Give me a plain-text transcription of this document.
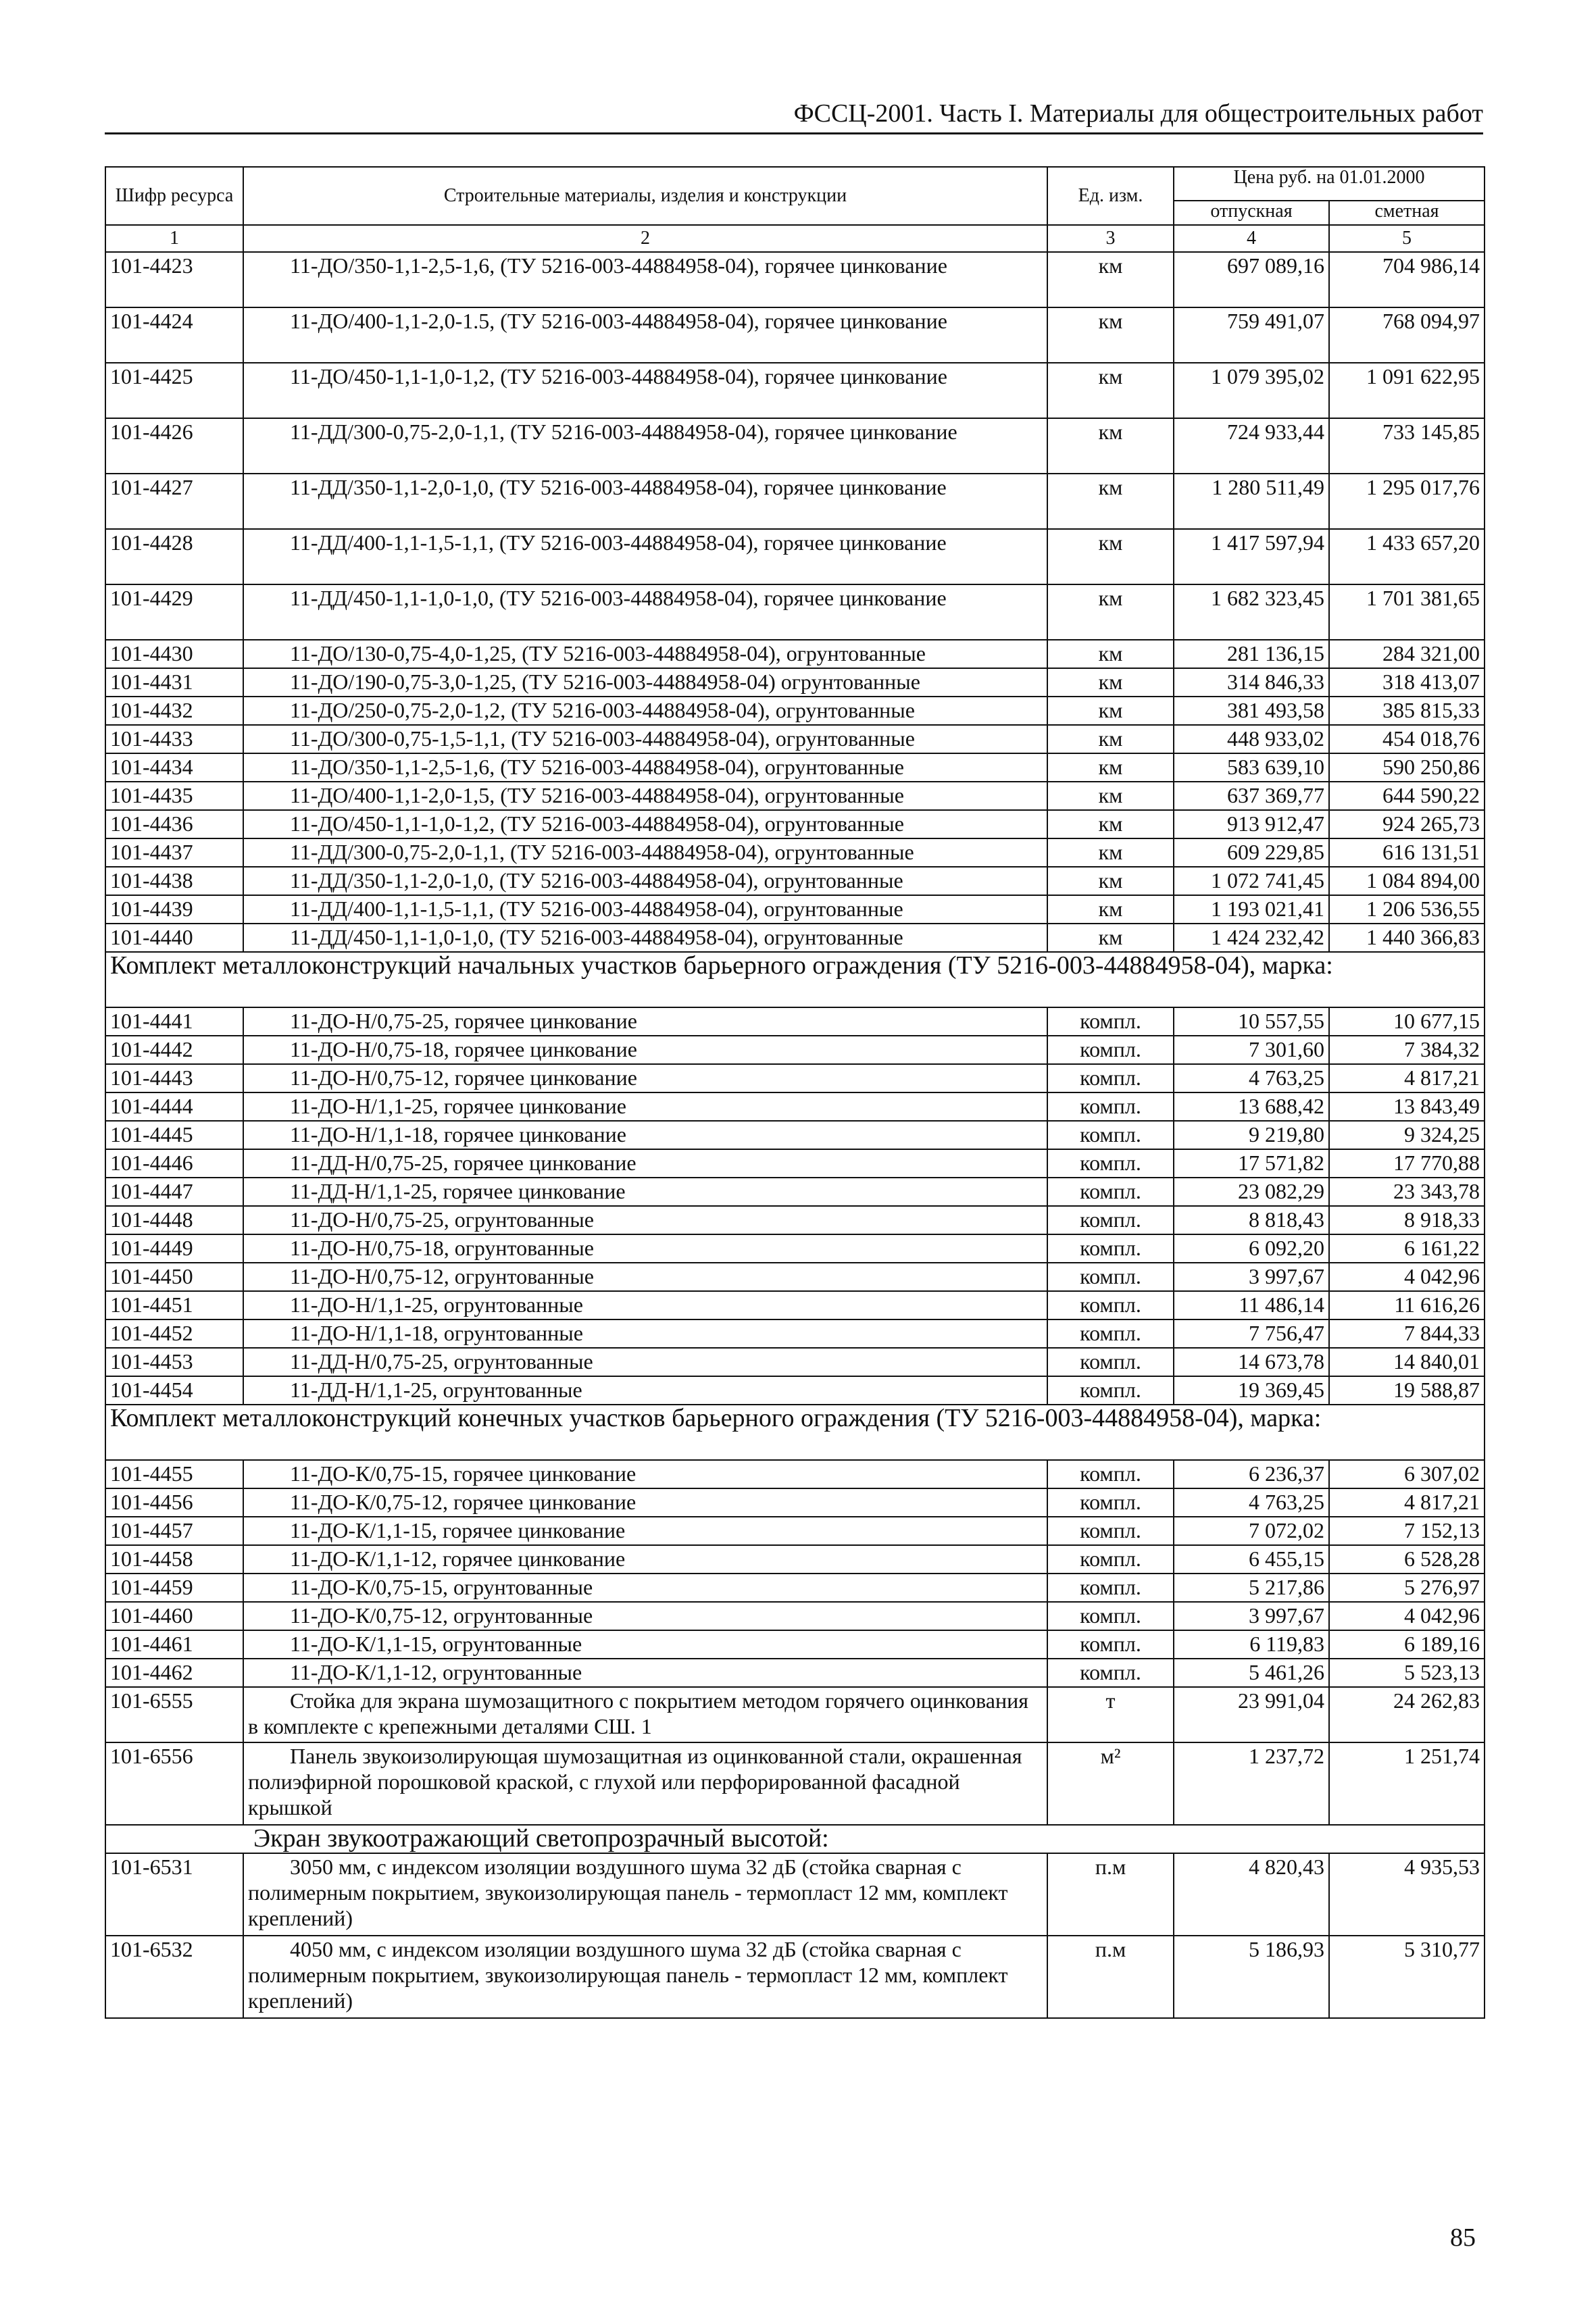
ФССЦ-2001. Часть I. Материалы для общестроительных работ
Шифр ресурса	Строительные материалы, изделия и конструкции	Ед. изм.	Цена руб. на 01.01.2000	
			отпускная	сметная
1	2	3	4	5
101-4423	11-ДО/350-1,1-2,5-1,6, (ТУ 5216-003-44884958-04), горячее цинкование	км	697 089,16	704 986,14
101-4424	11-ДО/400-1,1-2,0-1.5, (ТУ 5216-003-44884958-04), горячее цинкование	км	759 491,07	768 094,97
101-4425	11-ДО/450-1,1-1,0-1,2, (ТУ 5216-003-44884958-04), горячее цинкование	км	1 079 395,02	1 091 622,95
101-4426	11-ДД/300-0,75-2,0-1,1, (ТУ 5216-003-44884958-04), горячее цинкование	км	724 933,44	733 145,85
101-4427	11-ДД/350-1,1-2,0-1,0, (ТУ 5216-003-44884958-04), горячее цинкование	км	1 280 511,49	1 295 017,76
101-4428	11-ДД/400-1,1-1,5-1,1, (ТУ 5216-003-44884958-04), горячее цинкование	км	1 417 597,94	1 433 657,20
101-4429	11-ДД/450-1,1-1,0-1,0, (ТУ 5216-003-44884958-04), горячее цинкование	км	1 682 323,45	1 701 381,65
101-4430	11-ДО/130-0,75-4,0-1,25, (ТУ 5216-003-44884958-04), огрунтованные	км	281 136,15	284 321,00
101-4431	11-ДО/190-0,75-3,0-1,25, (ТУ 5216-003-44884958-04) огрунтованные	км	314 846,33	318 413,07
101-4432	11-ДО/250-0,75-2,0-1,2, (ТУ 5216-003-44884958-04), огрунтованные	км	381 493,58	385 815,33
101-4433	11-ДО/300-0,75-1,5-1,1, (ТУ 5216-003-44884958-04), огрунтованные	км	448 933,02	454 018,76
101-4434	11-ДО/350-1,1-2,5-1,6, (ТУ 5216-003-44884958-04), огрунтованные	км	583 639,10	590 250,86
101-4435	11-ДО/400-1,1-2,0-1,5, (ТУ 5216-003-44884958-04), огрунтованные	км	637 369,77	644 590,22
101-4436	11-ДО/450-1,1-1,0-1,2, (ТУ 5216-003-44884958-04), огрунтованные	км	913 912,47	924 265,73
101-4437	11-ДД/300-0,75-2,0-1,1, (ТУ 5216-003-44884958-04), огрунтованные	км	609 229,85	616 131,51
101-4438	11-ДД/350-1,1-2,0-1,0, (ТУ 5216-003-44884958-04), огрунтованные	км	1 072 741,45	1 084 894,00
101-4439	11-ДД/400-1,1-1,5-1,1, (ТУ 5216-003-44884958-04), огрунтованные	км	1 193 021,41	1 206 536,55
101-4440	11-ДД/450-1,1-1,0-1,0, (ТУ 5216-003-44884958-04), огрунтованные	км	1 424 232,42	1 440 366,83
Комплект металлоконструкций начальных участков барьерного ограждения (ТУ 5216-003-44884958-04), марка:				
101-4441	11-ДО-Н/0,75-25, горячее цинкование	компл.	10 557,55	10 677,15
101-4442	11-ДО-Н/0,75-18, горячее цинкование	компл.	7 301,60	7 384,32
101-4443	11-ДО-Н/0,75-12, горячее цинкование	компл.	4 763,25	4 817,21
101-4444	11-ДО-Н/1,1-25, горячее цинкование	компл.	13 688,42	13 843,49
101-4445	11-ДО-Н/1,1-18, горячее цинкование	компл.	9 219,80	9 324,25
101-4446	11-ДД-Н/0,75-25, горячее цинкование	компл.	17 571,82	17 770,88
101-4447	11-ДД-Н/1,1-25, горячее цинкование	компл.	23 082,29	23 343,78
101-4448	11-ДО-Н/0,75-25, огрунтованные	компл.	8 818,43	8 918,33
101-4449	11-ДО-Н/0,75-18, огрунтованные	компл.	6 092,20	6 161,22
101-4450	11-ДО-Н/0,75-12, огрунтованные	компл.	3 997,67	4 042,96
101-4451	11-ДО-Н/1,1-25, огрунтованные	компл.	11 486,14	11 616,26
101-4452	11-ДО-Н/1,1-18, огрунтованные	компл.	7 756,47	7 844,33
101-4453	11-ДД-Н/0,75-25, огрунтованные	компл.	14 673,78	14 840,01
101-4454	11-ДД-Н/1,1-25, огрунтованные	компл.	19 369,45	19 588,87
Комплект металлоконструкций конечных участков барьерного ограждения (ТУ 5216-003-44884958-04), марка:				
101-4455	11-ДО-К/0,75-15, горячее цинкование	компл.	6 236,37	6 307,02
101-4456	11-ДО-К/0,75-12, горячее цинкование	компл.	4 763,25	4 817,21
101-4457	11-ДО-К/1,1-15, горячее цинкование	компл.	7 072,02	7 152,13
101-4458	11-ДО-К/1,1-12, горячее цинкование	компл.	6 455,15	6 528,28
101-4459	11-ДО-К/0,75-15, огрунтованные	компл.	5 217,86	5 276,97
101-4460	11-ДО-К/0,75-12, огрунтованные	компл.	3 997,67	4 042,96
101-4461	11-ДО-К/1,1-15, огрунтованные	компл.	6 119,83	6 189,16
101-4462	11-ДО-К/1,1-12, огрунтованные	компл.	5 461,26	5 523,13
101-6555	Стойка для экрана шумозащитного с покрытием методом горячего оцинкования в комплекте с крепежными деталями СШ. 1	т	23 991,04	24 262,83
101-6556	Панель звукоизолирующая шумозащитная из оцинкованной стали, окрашенная полиэфирной порошковой краской, с глухой или перфорированной фасадной крышкой	м²	1 237,72	1 251,74
Экран звукоотражающий светопрозрачный высотой:				
101-6531	3050 мм, с индексом изоляции воздушного шума 32 дБ (стойка сварная с полимерным покрытием, звукоизолирующая панель - термопласт 12 мм, комплект креплений)	п.м	4 820,43	4 935,53
101-6532	4050 мм, с индексом изоляции воздушного шума 32 дБ (стойка сварная с полимерным покрытием, звукоизолирующая панель - термопласт 12 мм, комплект креплений)	п.м	5 186,93	5 310,77
85
